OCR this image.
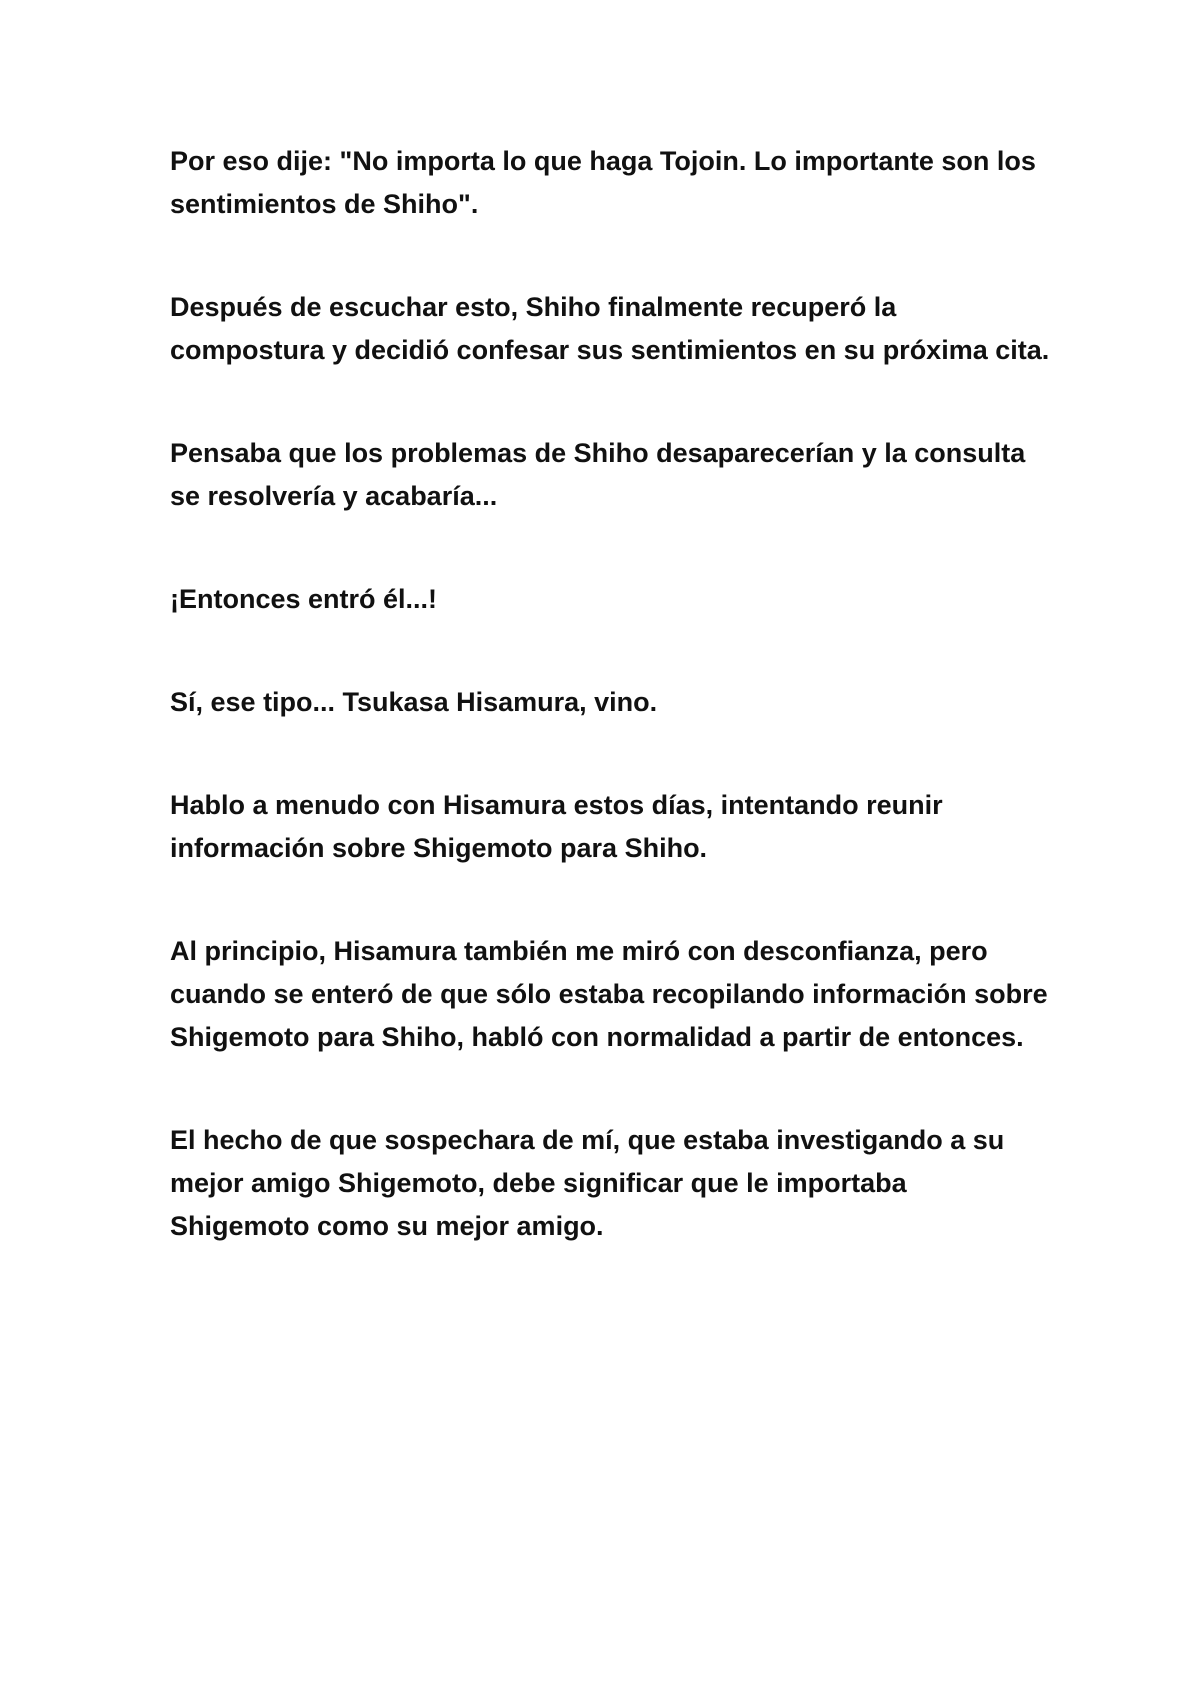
Por eso dije: "No importa lo que haga Tojoin. Lo importante son los sentimientos de Shiho".

Después de escuchar esto, Shiho finalmente recuperó la compostura y decidió confesar sus sentimientos en su próxima cita.

Pensaba que los problemas de Shiho desaparecerían y la consulta se resolvería y acabaría...

¡Entonces entró él...!

Sí, ese tipo... Tsukasa Hisamura, vino.

Hablo a menudo con Hisamura estos días, intentando reunir información sobre Shigemoto para Shiho.

Al principio, Hisamura también me miró con desconfianza, pero cuando se enteró de que sólo estaba recopilando información sobre Shigemoto para Shiho, habló con normalidad a partir de entonces.

El hecho de que sospechara de mí, que estaba investigando a su mejor amigo Shigemoto, debe significar que le importaba Shigemoto como su mejor amigo.
